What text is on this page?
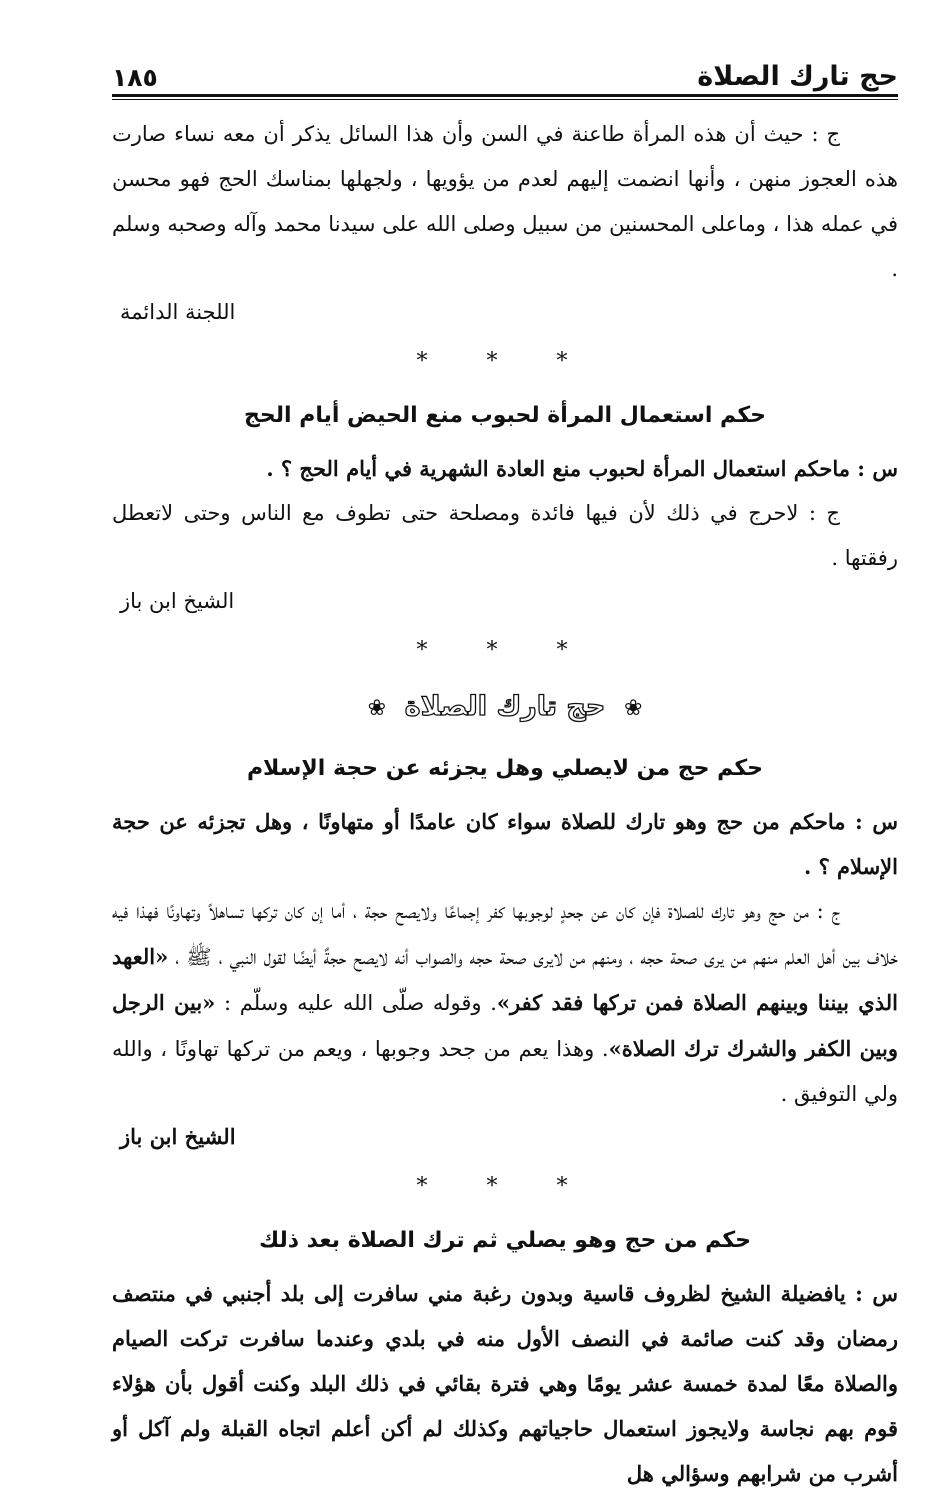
حج تارك الصلاة
١٨٥

ج : حيث أن هذه المرأة طاعنة في السن وأن هذا السائل يذكر أن معه نساء صارت هذه العجوز منهن ، وأنها انضمت إليهم لعدم من يؤويها ، ولجهلها بمناسك الحج فهو محسن في عمله هذا ، وماعلى المحسنين من سبيل وصلى الله على سيدنا محمد وآله وصحبه وسلم .

اللجنة الدائمة

* * *

حكم استعمال المرأة لحبوب منع الحيض أيام الحج

س : ماحكم استعمال المرأة لحبوب منع العادة الشهرية في أيام الحج ؟ .

ج : لاحرج في ذلك لأن فيها فائدة ومصلحة حتى تطوف مع الناس وحتى لاتعطل رفقتها .

الشيخ ابن باز

* * *

❀ حج تارك الصلاة ❀

حكم حج من لايصلي وهل يجزئه عن حجة الإسلام

س : ماحكم من حج وهو تارك للصلاة سواء كان عامدًا أو متهاونًا ، وهل تجزئه عن حجة الإسلام ؟ .

ج : من حج وهو تارك للصلاة فإن كان عن جحدٍ لوجوبها كفر إجماعًا ولايصح حجة ، أما إن كان تركها تساهلاً وتهاونًا فهذا فيه خلاف بين أهل العلم منهم من يرى صحة حجه ، ومنهم من لايرى صحة حجه والصواب أنه لايصح حجةٌ أيضًا لقول النبي ، ﷺ ، «العهد الذي بيننا وبينهم الصلاة فمن تركها فقد كفر». وقوله صلّى الله عليه وسلّم : «بين الرجل وبين الكفر والشرك ترك الصلاة». وهذا يعم من جحد وجوبها ، ويعم من تركها تهاونًا ، والله ولي التوفيق .

الشيخ ابن باز

* * *

حكم من حج وهو يصلي ثم ترك الصلاة بعد ذلك

س : يافضيلة الشيخ لظروف قاسية وبدون رغبة مني سافرت إلى بلد أجنبي في منتصف رمضان وقد كنت صائمة في النصف الأول منه في بلدي وعندما سافرت تركت الصيام والصلاة معًا لمدة خمسة عشر يومًا وهي فترة بقائي في ذلك البلد وكنت أقول بأن هؤلاء قوم بهم نجاسة ولايجوز استعمال حاجياتهم وكذلك لم أكن أعلم اتجاه القبلة ولم آكل أو أشرب من شرابهم وسؤالي هل
